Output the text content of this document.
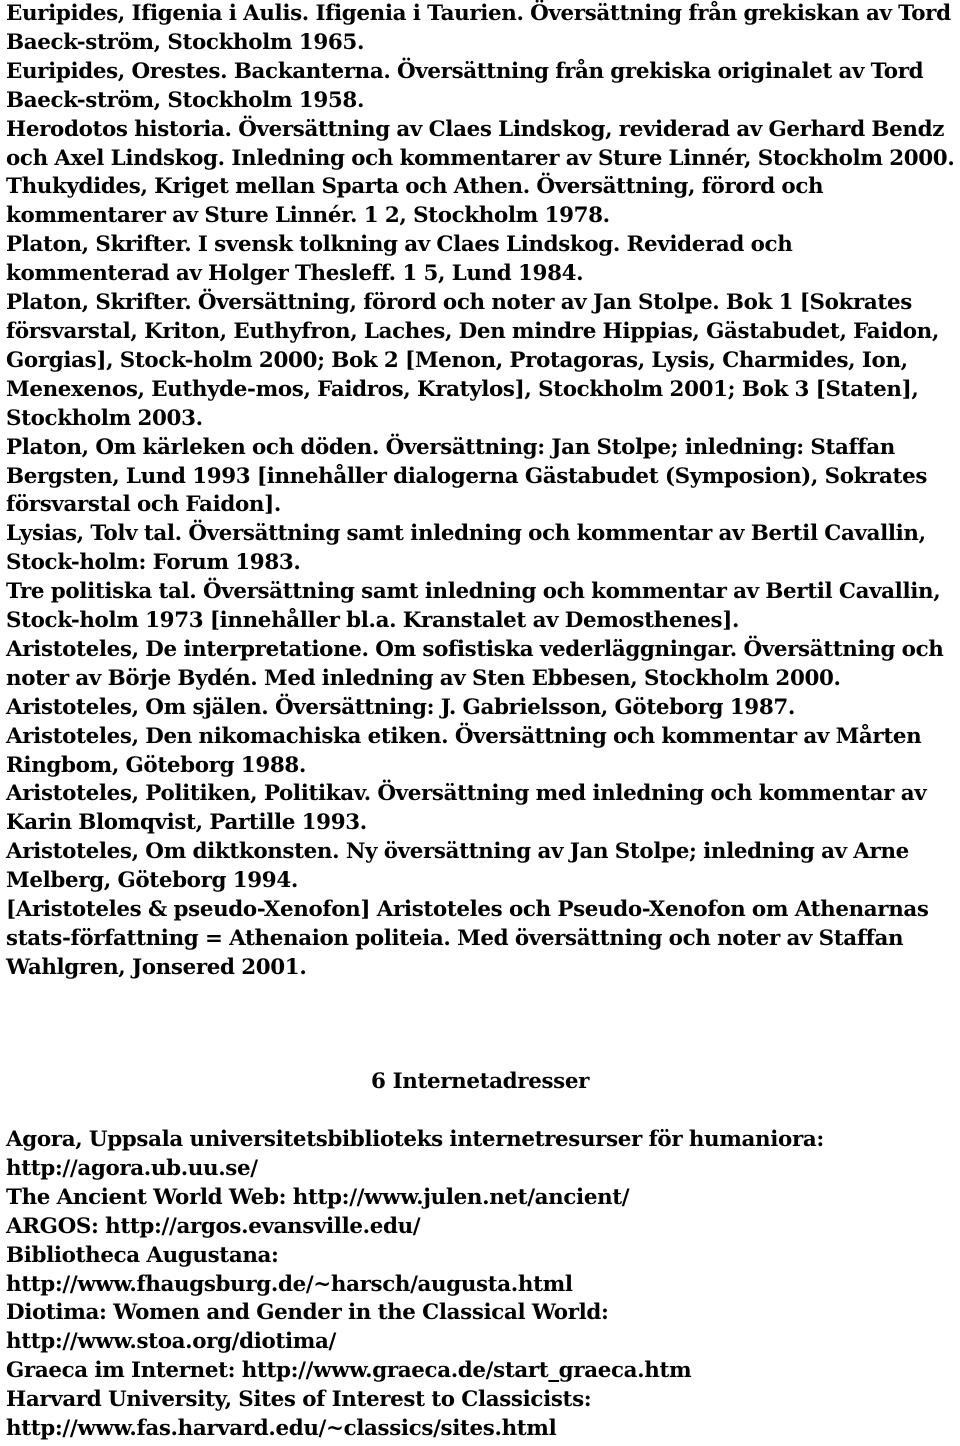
Euripides, Ifigenia i Aulis. Ifigenia i Taurien. Översättning från grekiskan av Tord Baeck-ström, Stockholm 1965.

Euripides, Orestes. Backanterna. Översättning från grekiska originalet av Tord Baeck-ström, Stockholm 1958.

Herodotos historia. Översättning av Claes Lindskog, reviderad av Gerhard Bendz och Axel Lindskog. Inledning och kommentarer av Sture Linnér, Stockholm 2000.

Thukydides, Kriget mellan Sparta och Athen. Översättning, förord och kommentarer av Sture Linnér. 1 2, Stockholm 1978.

Platon, Skrifter. I svensk tolkning av Claes Lindskog. Reviderad och kommenterad av Holger Thesleff. 1 5, Lund 1984.

Platon, Skrifter. Översättning, förord och noter av Jan Stolpe. Bok 1 [Sokrates försvarstal, Kriton, Euthyfron, Laches, Den mindre Hippias, Gästabudet, Faidon, Gorgias], Stock-holm 2000; Bok 2 [Menon, Protagoras, Lysis, Charmides, Ion, Menexenos, Euthyde-mos, Faidros, Kratylos], Stockholm 2001; Bok 3 [Staten], Stockholm 2003.

Platon, Om kärleken och döden. Översättning: Jan Stolpe; inledning: Staffan Bergsten, Lund 1993 [innehåller dialogerna Gästabudet (Symposion), Sokrates försvarstal och Faidon].

Lysias, Tolv tal. Översättning samt inledning och kommentar av Bertil Cavallin, Stock-holm: Forum 1983.

Tre politiska tal. Översättning samt inledning och kommentar av Bertil Cavallin, Stock-holm 1973 [innehåller bl.a. Kranstalet av Demosthenes].

Aristoteles, De interpretatione. Om sofistiska vederläggningar. Översättning och noter av Börje Bydén. Med inledning av Sten Ebbesen, Stockholm 2000.

Aristoteles, Om själen. Översättning: J. Gabrielsson, Göteborg 1987.

Aristoteles, Den nikomachiska etiken. Översättning och kommentar av Mårten Ringbom, Göteborg 1988.

Aristoteles, Politiken, Politikav. Översättning med inledning och kommentar av Karin Blomqvist, Partille 1993.

Aristoteles, Om diktkonsten. Ny översättning av Jan Stolpe; inledning av Arne Melberg, Göteborg 1994.

[Aristoteles & pseudo-Xenofon] Aristoteles och Pseudo-Xenofon om Athenarnas stats-författning = Athenaion politeia. Med översättning och noter av Staffan Wahlgren, Jonsered 2001.

6 Internetadresser
Agora, Uppsala universitetsbiblioteks internetresurser för humaniora:
http://agora.ub.uu.se/
The Ancient World Web: http://www.julen.net/ancient/
ARGOS: http://argos.evansville.edu/
Bibliotheca Augustana:
http://www.fhaugsburg.de/~harsch/augusta.html
Diotima: Women and Gender in the Classical World:
http://www.stoa.org/diotima/
Graeca im Internet: http://www.graeca.de/start_graeca.htm
Harvard University, Sites of Interest to Classicists:
http://www.fas.harvard.edu/~classics/sites.html
